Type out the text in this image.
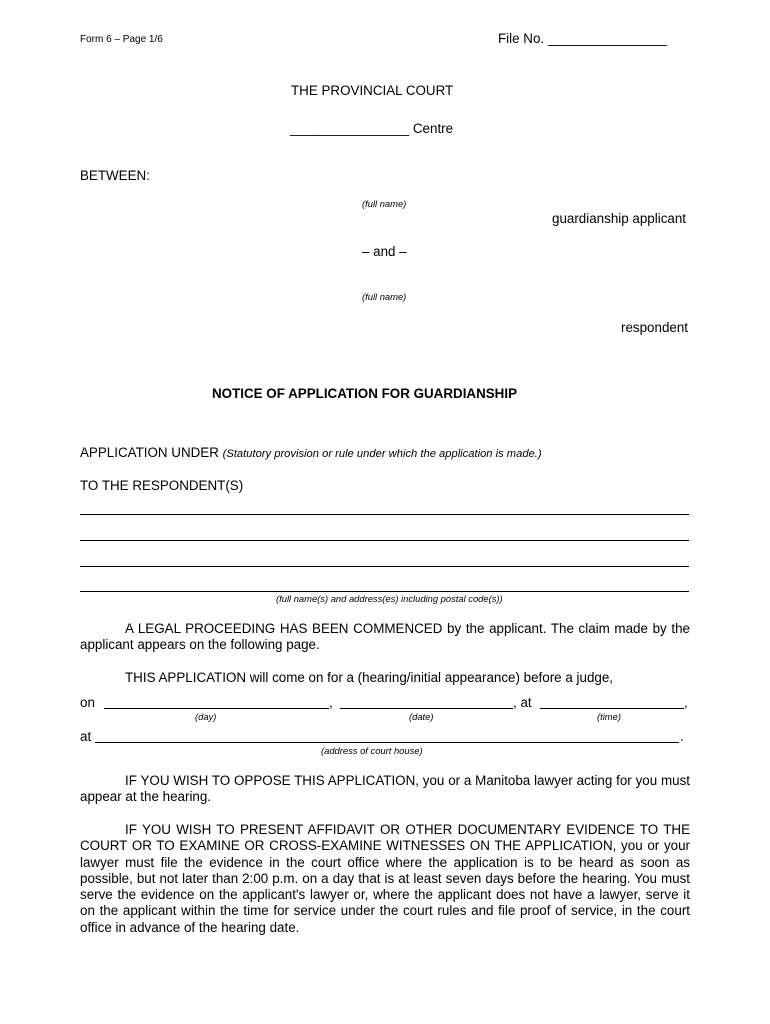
Form 6 – Page 1/6	File No. ________________
THE PROVINCIAL COURT
________________ Centre
BETWEEN:
(full name)
guardianship applicant
– and –
(full name)
respondent
NOTICE OF APPLICATION FOR GUARDIANSHIP
APPLICATION UNDER (Statutory provision or rule under which the application is made.)
TO THE RESPONDENT(S)
(full name(s) and address(es) including postal code(s))
A LEGAL PROCEEDING HAS BEEN COMMENCED by the applicant. The claim made by the applicant appears on the following page.
THIS APPLICATION will come on for a (hearing/initial appearance) before a judge,
on	,	, at	,
(day)	(date)	(time)
at	.
(address of court house)
IF YOU WISH TO OPPOSE THIS APPLICATION, you or a Manitoba lawyer acting for you must appear at the hearing.
IF YOU WISH TO PRESENT AFFIDAVIT OR OTHER DOCUMENTARY EVIDENCE TO THE COURT OR TO EXAMINE OR CROSS-EXAMINE WITNESSES ON THE APPLICATION, you or your lawyer must file the evidence in the court office where the application is to be heard as soon as possible, but not later than 2:00 p.m. on a day that is at least seven days before the hearing. You must serve the evidence on the applicant's lawyer or, where the applicant does not have a lawyer, serve it on the applicant within the time for service under the court rules and file proof of service, in the court office in advance of the hearing date.
